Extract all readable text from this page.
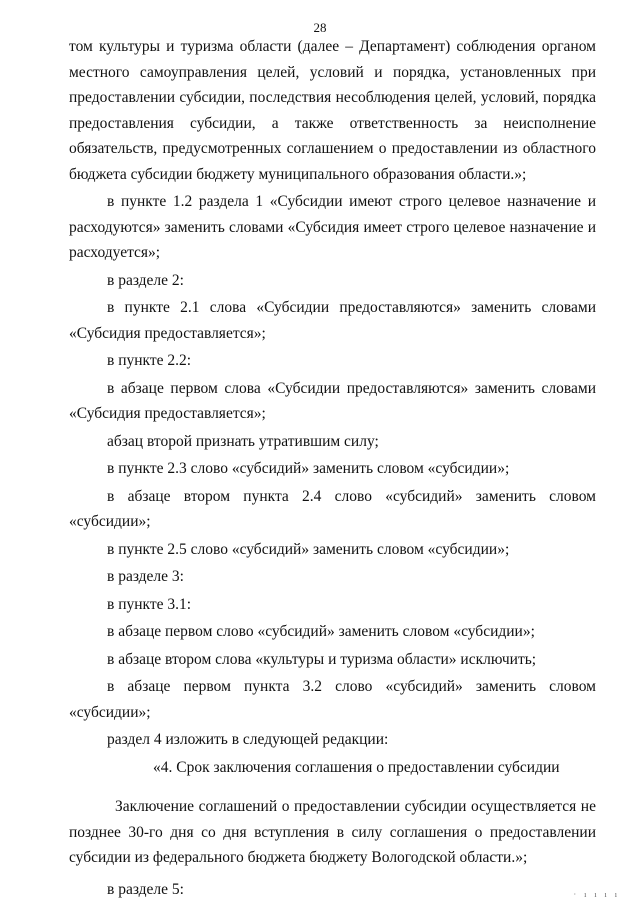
28

том культуры и туризма области (далее – Департамент) соблюдения органом местного самоуправления целей, условий и порядка, установленных при предоставлении субсидии, последствия несоблюдения целей, условий, порядка предоставления субсидии, а также ответственность за неисполнение обязательств, предусмотренных соглашением о предоставлении из областного бюджета субсидии бюджету муниципального образования области.»;

в пункте 1.2 раздела 1 «Субсидии имеют строго целевое назначение и расходуются» заменить словами «Субсидия имеет строго целевое назначение и расходуется»;

в разделе 2:

в пункте 2.1 слова «Субсидии предоставляются» заменить словами «Субсидия предоставляется»;

в пункте 2.2:

в абзаце первом слова «Субсидии предоставляются» заменить словами «Субсидия предоставляется»;

абзац второй признать утратившим силу;

в пункте 2.3 слово «субсидий» заменить словом «субсидии»;

в абзаце втором пункта 2.4 слово «субсидий» заменить словом «субсидии»;

в пункте 2.5 слово «субсидий» заменить словом «субсидии»;

в разделе 3:

в пункте 3.1:

в абзаце первом слово «субсидий» заменить словом «субсидии»;

в абзаце втором слова «культуры и туризма области» исключить;

в абзаце первом пункта 3.2 слово «субсидий» заменить словом «субсидии»;

раздел 4 изложить в следующей редакции:

«4. Срок заключения соглашения о предоставлении субсидии

Заключение соглашений о предоставлении субсидии осуществляется не позднее 30-го дня со дня вступления в силу соглашения о предоставлении субсидии из федерального бюджета бюджету Вологодской области.»;

в разделе 5:	· ı ı ı ı
